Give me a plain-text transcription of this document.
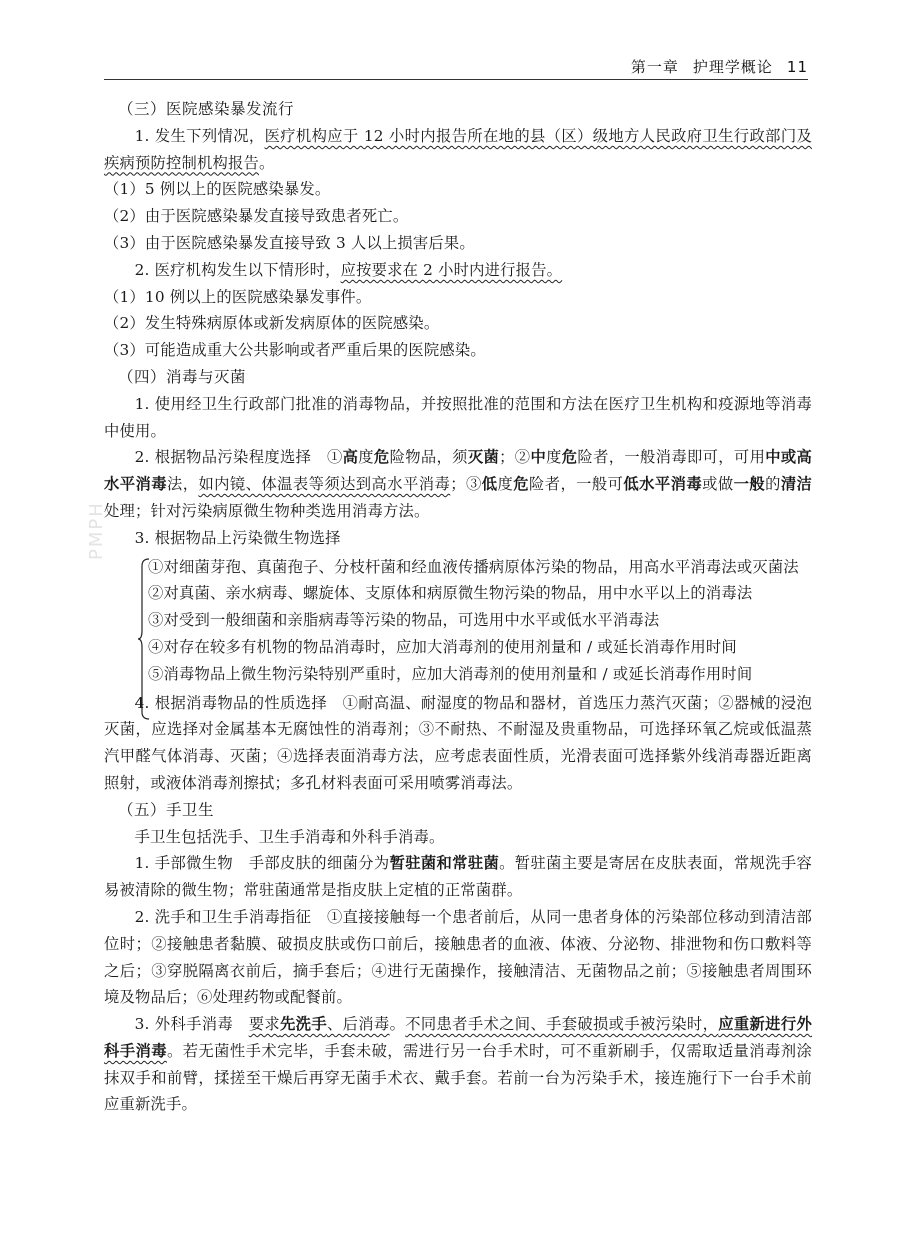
第一章 护理学概论 11
PMPH

（三）医院感染暴发流行

1. 发生下列情况，医疗机构应于 12 小时内报告所在地的县（区）级地方人民政府卫生行政部门及疾病预防控制机构报告。

（1）5 例以上的医院感染暴发。

（2）由于医院感染暴发直接导致患者死亡。

（3）由于医院感染暴发直接导致 3 人以上损害后果。

2. 医疗机构发生以下情形时，应按要求在 2 小时内进行报告。

（1）10 例以上的医院感染暴发事件。

（2）发生特殊病原体或新发病原体的医院感染。

（3）可能造成重大公共影响或者严重后果的医院感染。

（四）消毒与灭菌

1. 使用经卫生行政部门批准的消毒物品，并按照批准的范围和方法在医疗卫生机构和疫源地等消毒中使用。

2. 根据物品污染程度选择　①高度危险物品，须灭菌；②中度危险者，一般消毒即可，可用中或高水平消毒法，如内镜、体温表等须达到高水平消毒；③低度危险者，一般可低水平消毒或做一般的清洁处理；针对污染病原微生物种类选用消毒方法。

3. 根据物品上污染微生物选择

①对细菌芽孢、真菌孢子、分枝杆菌和经血液传播病原体污染的物品，用高水平消毒法或灭菌法

②对真菌、亲水病毒、螺旋体、支原体和病原微生物污染的物品，用中水平以上的消毒法

③对受到一般细菌和亲脂病毒等污染的物品，可选用中水平或低水平消毒法

④对存在较多有机物的物品消毒时，应加大消毒剂的使用剂量和 / 或延长消毒作用时间

⑤消毒物品上微生物污染特别严重时，应加大消毒剂的使用剂量和 / 或延长消毒作用时间

4. 根据消毒物品的性质选择　①耐高温、耐湿度的物品和器材，首选压力蒸汽灭菌；②器械的浸泡灭菌，应选择对金属基本无腐蚀性的消毒剂；③不耐热、不耐湿及贵重物品，可选择环氧乙烷或低温蒸汽甲醛气体消毒、灭菌；④选择表面消毒方法，应考虑表面性质，光滑表面可选择紫外线消毒器近距离照射，或液体消毒剂擦拭；多孔材料表面可采用喷雾消毒法。

（五）手卫生

手卫生包括洗手、卫生手消毒和外科手消毒。

1. 手部微生物　手部皮肤的细菌分为暂驻菌和常驻菌。暂驻菌主要是寄居在皮肤表面，常规洗手容易被清除的微生物；常驻菌通常是指皮肤上定植的正常菌群。

2. 洗手和卫生手消毒指征　①直接接触每一个患者前后，从同一患者身体的污染部位移动到清洁部位时；②接触患者黏膜、破损皮肤或伤口前后，接触患者的血液、体液、分泌物、排泄物和伤口敷料等之后；③穿脱隔离衣前后，摘手套后；④进行无菌操作，接触清洁、无菌物品之前；⑤接触患者周围环境及物品后；⑥处理药物或配餐前。

3. 外科手消毒　要求先洗手、后消毒。不同患者手术之间、手套破损或手被污染时，应重新进行外科手消毒。若无菌性手术完毕，手套未破，需进行另一台手术时，可不重新刷手，仅需取适量消毒剂涂抹双手和前臂，揉搓至干燥后再穿无菌手术衣、戴手套。若前一台为污染手术，接连施行下一台手术前应重新洗手。
